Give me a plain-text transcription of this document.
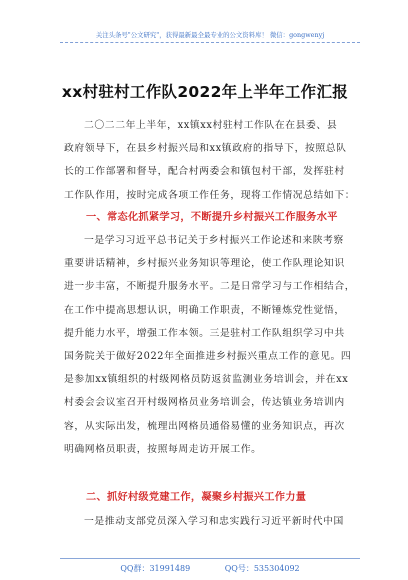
关注头条号"公文研究"，获得最新最全最专业的公文资料库！ 微信：gongwenyj
xx村驻村工作队2022年上半年工作汇报
二〇二二年上半年，xx镇xx村驻村工作队在在县委、县
政府领导下，在县乡村振兴局和xx镇政府的指导下，按照总队
长的工作部署和督导，配合村两委会和镇包村干部，发挥驻村
工作队作用，按时完成各项工作任务，现将工作情况总结如下：
一、常态化抓紧学习，不断提升乡村振兴工作服务水平
一是学习习近平总书记关于乡村振兴工作论述和来陕考察
重要讲话精神，乡村振兴业务知识等理论，使工作队理论知识
进一步丰富，不断提升服务水平。二是日常学习与工作相结合，
在工作中提高思想认识，明确工作职责，不断锤炼党性觉悟，
提升能力水平，增强工作本领。三是驻村工作队组织学习中共
国务院关于做好2022年全面推进乡村振兴重点工作的意见。四
是参加xx镇组织的村级网格员防返贫监测业务培训会，并在xx
村委会会议室召开村级网格员业务培训会，传达镇业务培训内
容，从实际出发，梳理出网格员通俗易懂的业务知识点，再次
明确网格员职责，按照每周走访开展工作。
二、抓好村级党建工作，凝聚乡村振兴工作力量
一是推动支部党员深入学习和忠实践行习近平新时代中国
QQ群：31991489	QQ号：535304092
